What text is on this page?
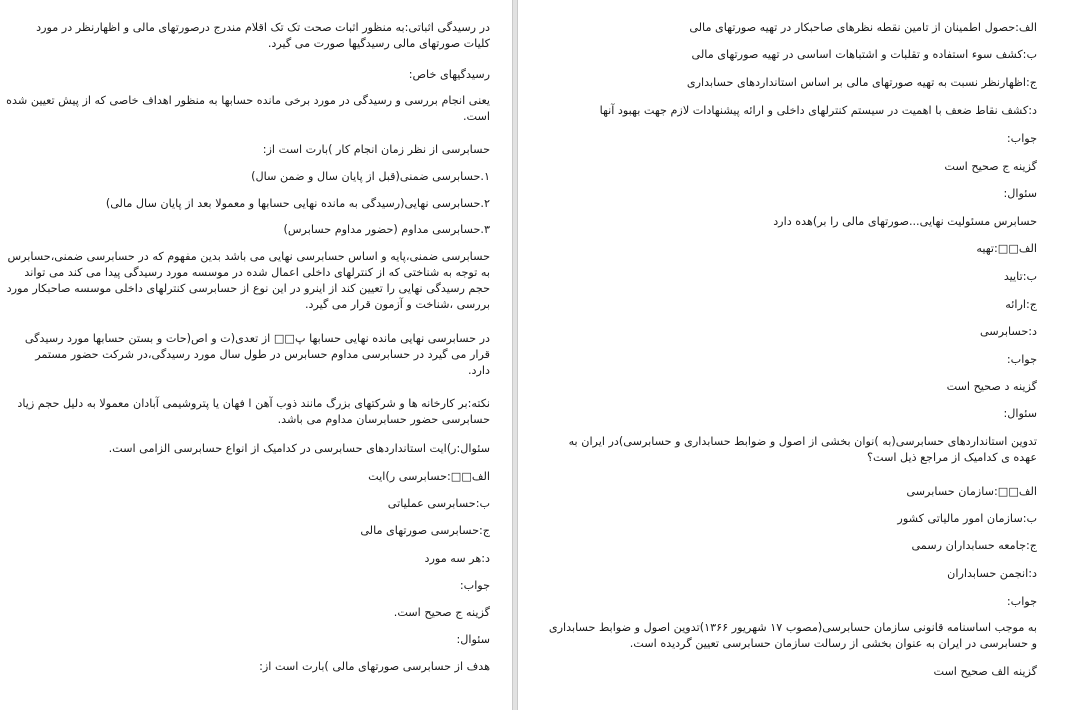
در رسیدگی اثباتی:به منظور اثبات صحت تک تک اقلام مندرج درصورتهای مالی و اظهارنظر در مورد کلیات صورتهای مالی رسیدگیها صورت می گیرد.
رسیدگیهای خاص:
یعنی انجام بررسی و رسیدگی در مورد برخی مانده حسابها به منظور اهداف خاصی که از پیش تعیین شده است.
حسابرسی از نظر زمان انجام کار )بارت است از:
۱.حسابرسی ضمنی(قبل از پایان سال و ضمن سال)
۲.حسابرسی نهایی(رسیدگی به مانده نهایی حسابها و معمولا بعد از پایان سال مالی)
۳.حسابرسی مداوم (حضور مداوم حسابرس)
حسابرسی ضمنی،پایه و اساس حسابرسی نهایی می باشد بدین مفهوم که در حسابرسی ضمنی،حسابرس به توجه به شناختی که از کنترلهای داخلی اعمال شده در موسسه مورد رسیدگی پیدا می کند می تواند حجم رسیدگی نهایی را تعیین کند از اینرو در این نوع از حسابرسی کنترلهای داخلی موسسه صاحبکار مورد بررسی ،شناخت و آزمون قرار می گیرد.
در حسابرسی نهایی مانده نهایی حسابها پ□□ از تعدی(ت و اص(حات و بستن حسابها مورد رسیدگی قرار می گیرد در حسابرسی مداوم حسابرس در طول سال مورد رسیدگی،در شرکت حضور مستمر دارد.
نکته:بر کارخانه ها و شرکتهای بزرگ مانند ذوب آهن ا فهان یا پتروشیمی آبادان معمولا به دلیل حجم زیاد حسابرسی حضور حسابرسان مداوم می باشد.
سئوال:ر)ایت استانداردهای حسابرسی در کدامیک از انواع حسابرسی الزامی است.
الف□□:حسابرسی ر)ایت
ب:حسابرسی عملیاتی
ج:حسابرسی صورتهای مالی
د:هر سه مورد
جواب:
گزینه ج صحیح است.
سئوال:
هدف از حسابرسی صورتهای مالی )بارت است از:
الف:حصول اطمینان از تامین نقطه نظرهای صاحبکار در تهیه صورتهای مالی
ب:کشف سوء استفاده و تقلبات و اشتباهات اساسی در تهیه صورتهای مالی
ج:اظهارنظر نسبت به تهیه صورتهای مالی بر اساس استانداردهای حسابداری
د:کشف نقاط ضعف با اهمیت در سیستم کنترلهای داخلی و ارائه پیشنهادات لازم جهت بهبود آنها
جواب:
گزینه ج صحیح است
سئوال:
حسابرس مسئولیت نهایی...صورتهای مالی را بر)هده دارد
الف□□:تهیه
ب:تایید
ج:ارائه
د:حسابرسی
جواب:
گزینه د صحیح است
سئوال:
تدوین استانداردهای حسابرسی(به )نوان بخشی از اصول و ضوابط حسابداری و حسابرسی)در ایران به عهده ی کدامیک از مراجع ذیل است؟
الف□□:سازمان حسابرسی
ب:سازمان امور مالیاتی کشور
ج:جامعه حسابداران رسمی
د:انجمن حسابداران
جواب:
به موجب اساسنامه قانونی سازمان حسابرسی(مصوب ۱۷ شهریور ۱۳۶۶)تدوین اصول و ضوابط حسابداری و حسابرسی در ایران به عنوان بخشی از رسالت سازمان حسابرسی تعیین گردیده است.
گزینه الف صحیح است
